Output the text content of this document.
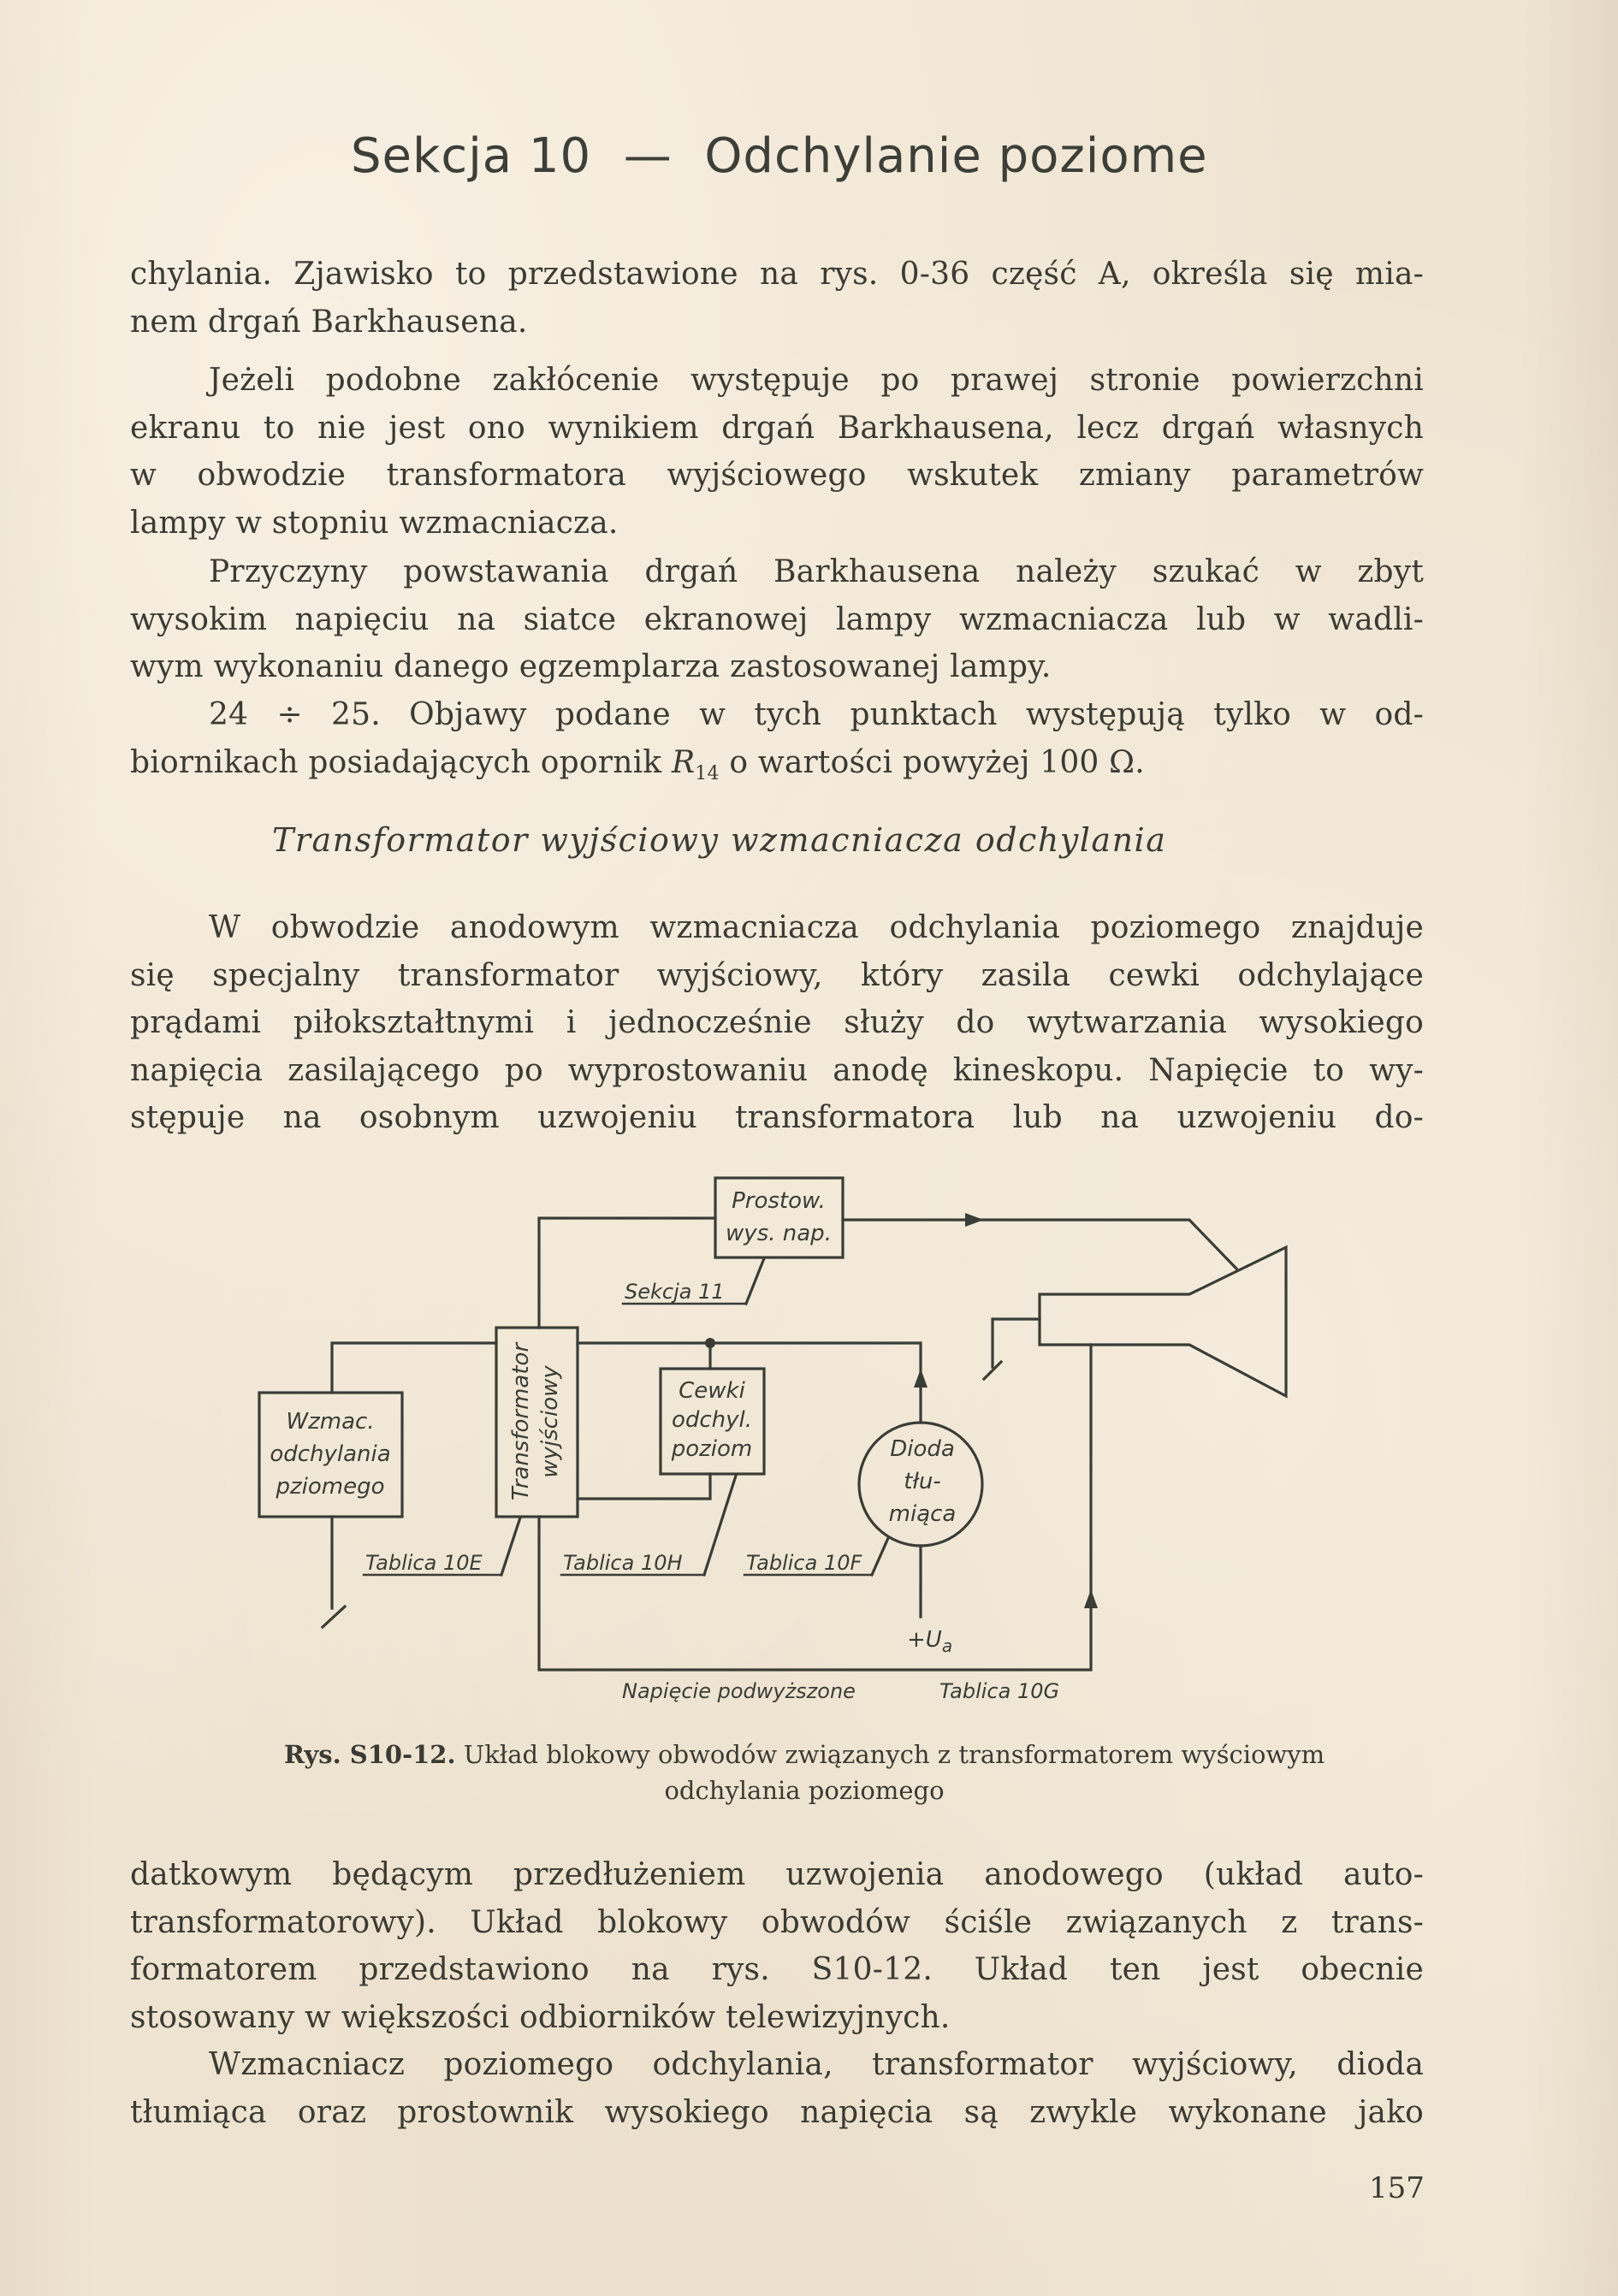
Sekcja 10  —  Odchylanie poziome
chylania. Zjawisko to przedstawione na rys. 0-36 część A, określa się mia-
nem drgań Barkhausena.
Jeżeli podobne zakłócenie występuje po prawej stronie powierzchni
ekranu to nie jest ono wynikiem drgań Barkhausena, lecz drgań własnych
w obwodzie transformatora wyjściowego wskutek zmiany parametrów
lampy w stopniu wzmacniacza.
Przyczyny powstawania drgań Barkhausena należy szukać w zbyt
wysokim napięciu na siatce ekranowej lampy wzmacniacza lub w wadli-
wym wykonaniu danego egzemplarza zastosowanej lampy.
24 ÷ 25. Objawy podane w tych punktach występują tylko w od-
biornikach posiadających opornik $R_{14}$ o wartości powyżej 100 Ω.
Transformator wyjściowy wzmacniacza odchylania
W obwodzie anodowym wzmacniacza odchylania poziomego znajduje
się specjalny transformator wyjściowy, który zasila cewki odchylające
prądami piłokształtnymi i jednocześnie służy do wytwarzania wysokiego
napięcia zasilającego po wyprostowaniu anodę kineskopu. Napięcie to wy-
stępuje na osobnym uzwojeniu transformatora lub na uzwojeniu do-
Sekcja 11
Prostow.
wys. nap.
Wzmac.
odchylania
pziomego	Transformator wyjściowy
Tablica 10E
Cewki
odchyl.
poziom
Tablica 10H
Dioda
tłu-
miąca
Tablica 10F
$+U_a$
Napięcie podwyższone	Tablica 10G
Rys. S10-12. Układ blokowy obwodów związanych z transformatorem wyściowym
odchylania poziomego
datkowym będącym przedłużeniem uzwojenia anodowego (układ auto-
transformatorowy). Układ blokowy obwodów ściśle związanych z trans-
formatorem przedstawiono na rys. S10-12. Układ ten jest obecnie
stosowany w większości odbiorników telewizyjnych.
Wzmacniacz poziomego odchylania, transformator wyjściowy, dioda
tłumiąca oraz prostownik wysokiego napięcia są zwykle wykonane jako
157
